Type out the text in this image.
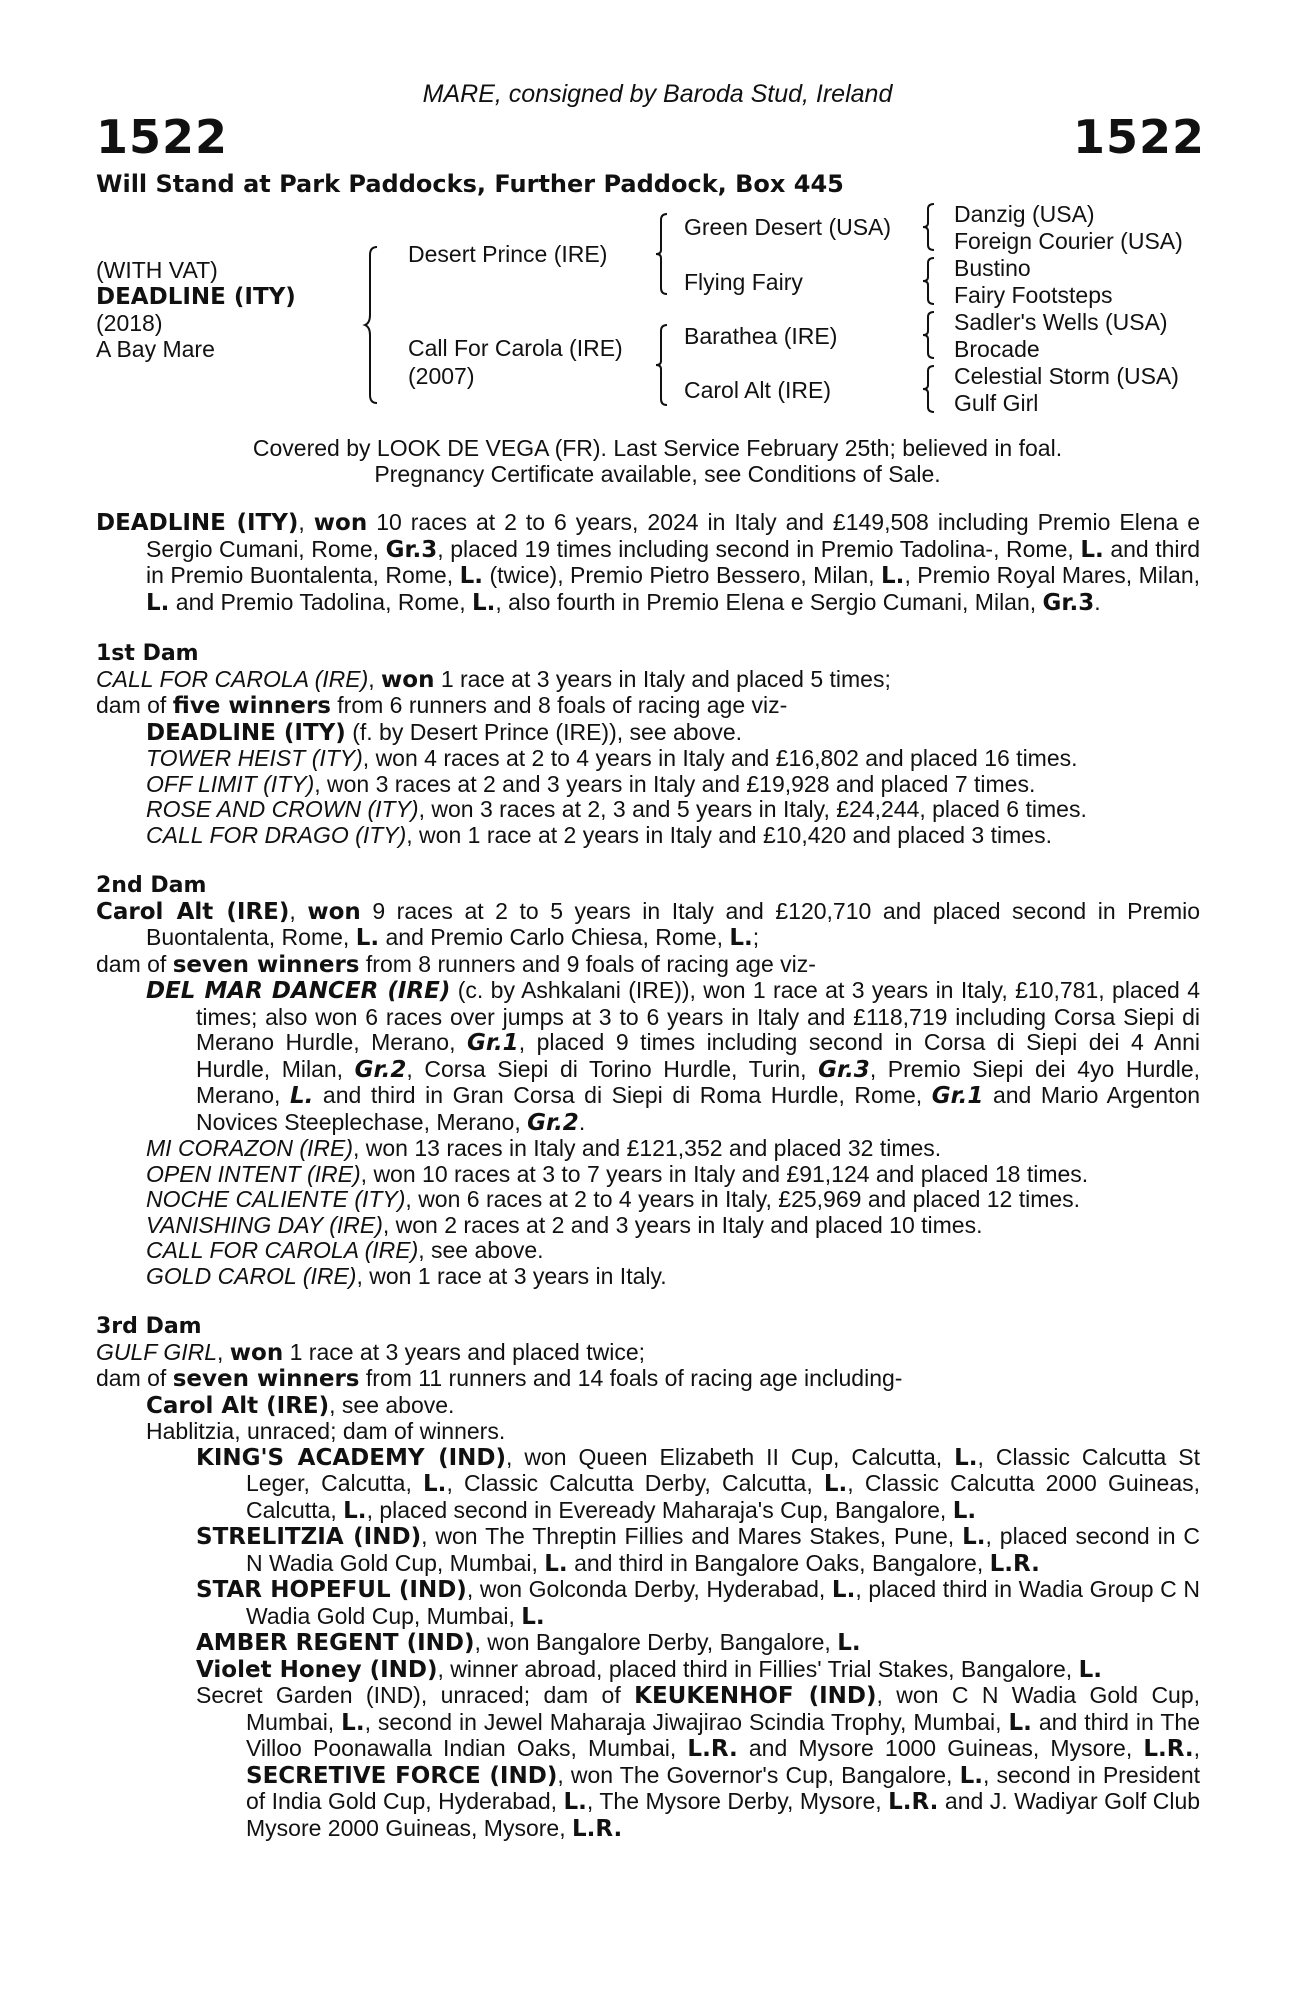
MARE, consigned by Baroda Stud, Ireland
1522	1522
Will Stand at Park Paddocks, Further Paddock, Box 445
(WITH VAT)
DEADLINE (ITY)
(2018)
A Bay Mare
Desert Prince (IRE)
Call For Carola (IRE)
(2007)
Green Desert (USA)
Flying Fairy
Barathea (IRE)
Carol Alt (IRE)
Danzig (USA)
Foreign Courier (USA)
Bustino
Fairy Footsteps
Sadler's Wells (USA)
Brocade
Celestial Storm (USA)
Gulf Girl
Covered by LOOK DE VEGA (FR). Last Service February 25th; believed in foal.
Pregnancy Certificate available, see Conditions of Sale.

DEADLINE (ITY), won 10 races at 2 to 6 years, 2024 in Italy and £149,508 including Premio Elena e Sergio Cumani, Rome, Gr.3, placed 19 times including second in Premio Tadolina-, Rome, L. and third in Premio Buontalenta, Rome, L. (twice), Premio Pietro Bessero, Milan, L., Premio Royal Mares, Milan, L. and Premio Tadolina, Rome, L., also fourth in Premio Elena e Sergio Cumani, Milan, Gr.3.

1st Dam

CALL FOR CAROLA (IRE), won 1 race at 3 years in Italy and placed 5 times;

dam of five winners from 6 runners and 8 foals of racing age viz-

DEADLINE (ITY) (f. by Desert Prince (IRE)), see above.

TOWER HEIST (ITY), won 4 races at 2 to 4 years in Italy and £16,802 and placed 16 times.

OFF LIMIT (ITY), won 3 races at 2 and 3 years in Italy and £19,928 and placed 7 times.

ROSE AND CROWN (ITY), won 3 races at 2, 3 and 5 years in Italy, £24,244, placed 6 times.

CALL FOR DRAGO (ITY), won 1 race at 2 years in Italy and £10,420 and placed 3 times.

2nd Dam

Carol Alt (IRE), won 9 races at 2 to 5 years in Italy and £120,710 and placed second in Premio Buontalenta, Rome, L. and Premio Carlo Chiesa, Rome, L.;

dam of seven winners from 8 runners and 9 foals of racing age viz-

DEL MAR DANCER (IRE) (c. by Ashkalani (IRE)), won 1 race at 3 years in Italy, £10,781, placed 4 times; also won 6 races over jumps at 3 to 6 years in Italy and £118,719 including Corsa Siepi di Merano Hurdle, Merano, Gr.1, placed 9 times including second in Corsa di Siepi dei 4 Anni Hurdle, Milan, Gr.2, Corsa Siepi di Torino Hurdle, Turin, Gr.3, Premio Siepi dei 4yo Hurdle, Merano, L. and third in Gran Corsa di Siepi di Roma Hurdle, Rome, Gr.1 and Mario Argenton Novices Steeplechase, Merano, Gr.2.

MI CORAZON (IRE), won 13 races in Italy and £121,352 and placed 32 times.

OPEN INTENT (IRE), won 10 races at 3 to 7 years in Italy and £91,124 and placed 18 times.

NOCHE CALIENTE (ITY), won 6 races at 2 to 4 years in Italy, £25,969 and placed 12 times.

VANISHING DAY (IRE), won 2 races at 2 and 3 years in Italy and placed 10 times.

CALL FOR CAROLA (IRE), see above.

GOLD CAROL (IRE), won 1 race at 3 years in Italy.

3rd Dam

GULF GIRL, won 1 race at 3 years and placed twice;

dam of seven winners from 11 runners and 14 foals of racing age including-

Carol Alt (IRE), see above.

Hablitzia, unraced; dam of winners.

KING'S ACADEMY (IND), won Queen Elizabeth II Cup, Calcutta, L., Classic Calcutta St Leger, Calcutta, L., Classic Calcutta Derby, Calcutta, L., Classic Calcutta 2000 Guineas, Calcutta, L., placed second in Eveready Maharaja's Cup, Bangalore, L.

STRELITZIA (IND), won The Threptin Fillies and Mares Stakes, Pune, L., placed second in C N Wadia Gold Cup, Mumbai, L. and third in Bangalore Oaks, Bangalore, L.R.

STAR HOPEFUL (IND), won Golconda Derby, Hyderabad, L., placed third in Wadia Group C N Wadia Gold Cup, Mumbai, L.

AMBER REGENT (IND), won Bangalore Derby, Bangalore, L.

Violet Honey (IND), winner abroad, placed third in Fillies' Trial Stakes, Bangalore, L.

Secret Garden (IND), unraced; dam of KEUKENHOF (IND), won C N Wadia Gold Cup, Mumbai, L., second in Jewel Maharaja Jiwajirao Scindia Trophy, Mumbai, L. and third in The Villoo Poonawalla Indian Oaks, Mumbai, L.R. and Mysore 1000 Guineas, Mysore, L.R., SECRETIVE FORCE (IND), won The Governor's Cup, Bangalore, L., second in President of India Gold Cup, Hyderabad, L., The Mysore Derby, Mysore, L.R. and J. Wadiyar Golf Club Mysore 2000 Guineas, Mysore, L.R.
